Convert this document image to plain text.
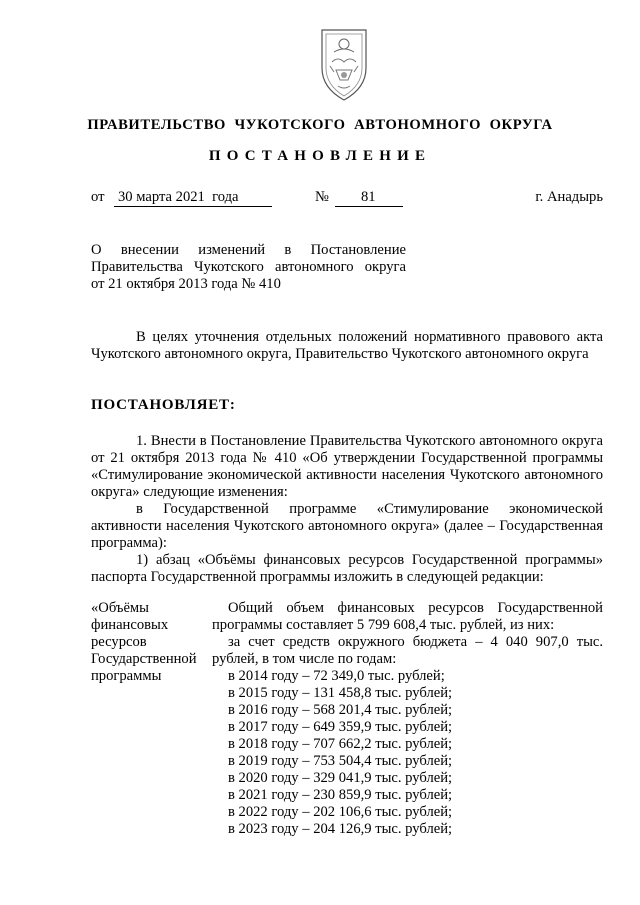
ПРАВИТЕЛЬСТВО  ЧУКОТСКОГО  АВТОНОМНОГО  ОКРУГА
ПОСТАНОВЛЕНИЕ
от 30 марта 2021  года	№ 81	г. Анадырь
О внесении изменений в Постановление
Правительства Чукотского автономного округа
от 21 октября 2013 года № 410

В целях уточнения отдельных положений нормативного правового акта Чукотского автономного округа, Правительство Чукотского автономного округа

ПОСТАНОВЛЯЕТ:

1. Внести в Постановление Правительства Чукотского автономного округа от 21 октября 2013 года № 410 «Об утверждении Государственной программы «Стимулирование экономической активности населения Чукотского автономного округа» следующие изменения:

в Государственной программе «Стимулирование экономической активности населения Чукотского автономного округа» (далее – Государственная программа):

1) абзац «Объёмы финансовых ресурсов Государственной программы» паспорта Государственной программы изложить в следующей редакции:

«Объёмы
финансовых
ресурсов
Государственной
программы

Общий объем финансовых ресурсов Государственной программы составляет 5 799 608,4 тыс. рублей, из них:

за счет средств окружного бюджета – 4 040 907,0 тыс. рублей, в том числе по годам:

в 2014 году – 72 349,0 тыс. рублей;
в 2015 году – 131 458,8 тыс. рублей;
в 2016 году – 568 201,4 тыс. рублей;
в 2017 году – 649 359,9 тыс. рублей;
в 2018 году – 707 662,2 тыс. рублей;
в 2019 году – 753 504,4 тыс. рублей;
в 2020 году – 329 041,9 тыс. рублей;
в 2021 году – 230 859,9 тыс. рублей;
в 2022 году – 202 106,6 тыс. рублей;
в 2023 году – 204 126,9 тыс. рублей;
